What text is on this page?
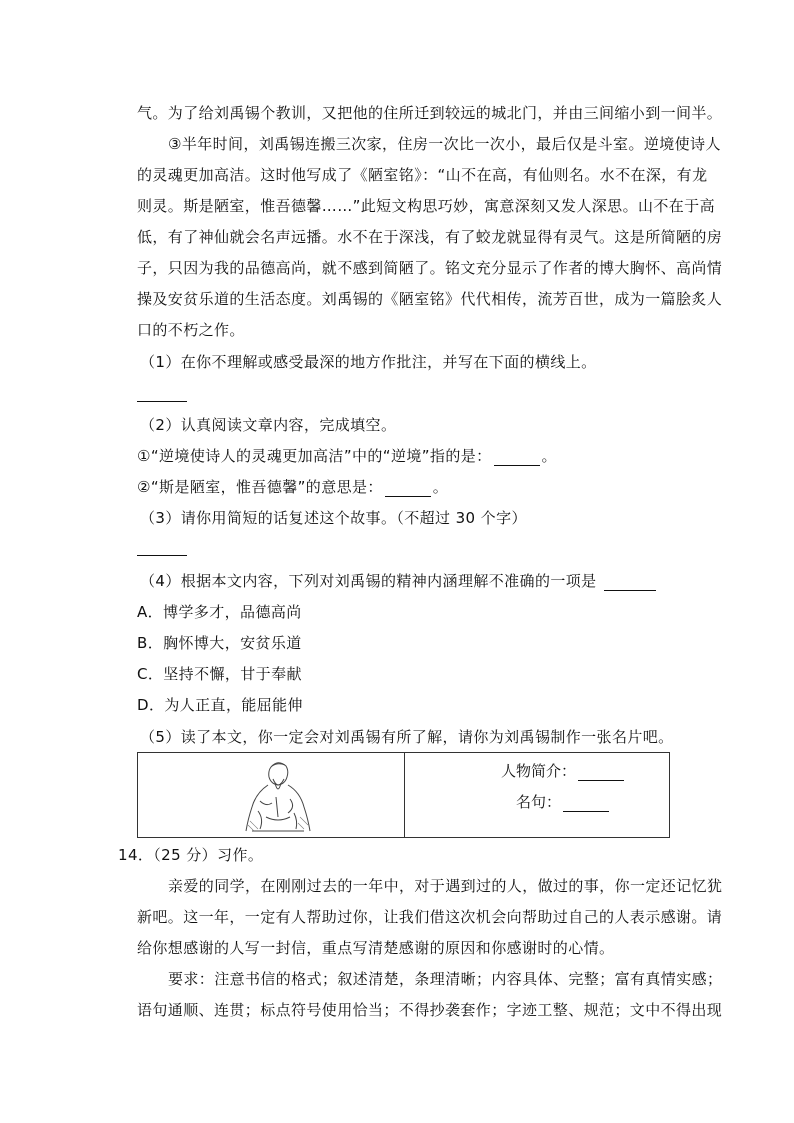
气。为了给刘禹锡个教训，又把他的住所迁到较远的城北门，并由三间缩小到一间半。
③半年时间，刘禹锡连搬三次家，住房一次比一次小，最后仅是斗室。逆境使诗人
的灵魂更加高洁。这时他写成了《陋室铭》：“山不在高，有仙则名。水不在深，有龙
则灵。斯是陋室，惟吾德馨……”此短文构思巧妙，寓意深刻又发人深思。山不在于高
低，有了神仙就会名声远播。水不在于深浅，有了蛟龙就显得有灵气。这是所简陋的房
子，只因为我的品德高尚，就不感到简陋了。铭文充分显示了作者的博大胸怀、高尚情
操及安贫乐道的生活态度。刘禹锡的《陋室铭》代代相传，流芳百世，成为一篇脍炙人
口的不朽之作。
（1）在你不理解或感受最深的地方作批注，并写在下面的横线上。
（2）认真阅读文章内容，完成填空。
①“逆境使诗人的灵魂更加高洁”中的“逆境”指的是：	。
②“斯是陋室，惟吾德馨”的意思是：	。
（3）请你用简短的话复述这个故事。（不超过 30 个字）
（4）根据本文内容，下列对刘禹锡的精神内涵理解不准确的一项是
A．博学多才，品德高尚
B．胸怀博大，安贫乐道
C．坚持不懈，甘于奉献
D．为人正直，能屈能伸
（5）读了本文，你一定会对刘禹锡有所了解，请你为刘禹锡制作一张名片吧。

人物简介：
名句：
14．（25 分）习作。
亲爱的同学，在刚刚过去的一年中，对于遇到过的人，做过的事，你一定还记忆犹
新吧。这一年，一定有人帮助过你，让我们借这次机会向帮助过自己的人表示感谢。请
给你想感谢的人写一封信，重点写清楚感谢的原因和你感谢时的心情。
要求：注意书信的格式；叙述清楚，条理清晰；内容具体、完整；富有真情实感；
语句通顺、连贯；标点符号使用恰当；不得抄袭套作；字迹工整、规范；文中不得出现
